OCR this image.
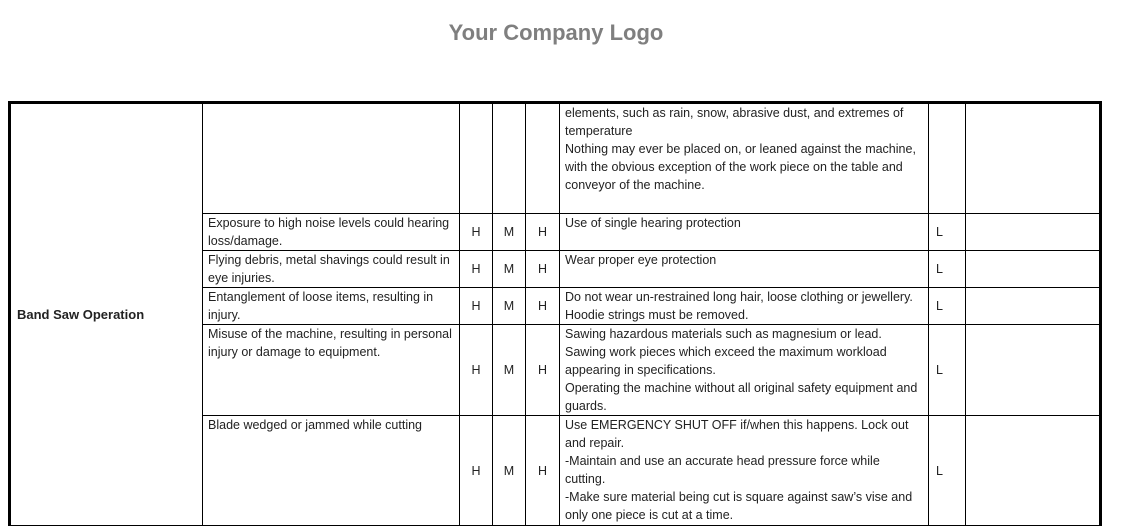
Your Company Logo
Band Saw Operation					elements, such as rain, snow, abrasive dust, and extremes of temperature
Nothing may ever be placed on, or leaned against the machine, with the obvious exception of the work piece on the table and conveyor of the machine.		

	Exposure to high noise levels could hearing loss/damage.	H	M	H	Use of single hearing protection	L	
	Flying debris, metal shavings could result in eye injuries.	H	M	H	Wear proper eye protection	L	
	Entanglement of loose items, resulting in injury.	H	M	H	Do not wear un-restrained long hair, loose clothing or jewellery. Hoodie strings must be removed.	L	
	Misuse of the machine, resulting in personal injury or damage to equipment.	H	M	H	Sawing hazardous materials such as magnesium or lead.
Sawing work pieces which exceed the maximum workload appearing in specifications.
Operating the machine without all original safety equipment and guards.	L	
	Blade wedged or jammed while cutting	H	M	H	Use EMERGENCY SHUT OFF if/when this happens. Lock out and repair.
-Maintain and use an accurate head pressure force while cutting.
-Make sure material being cut is square against saw’s vise and only one piece is cut at a time.	L	
